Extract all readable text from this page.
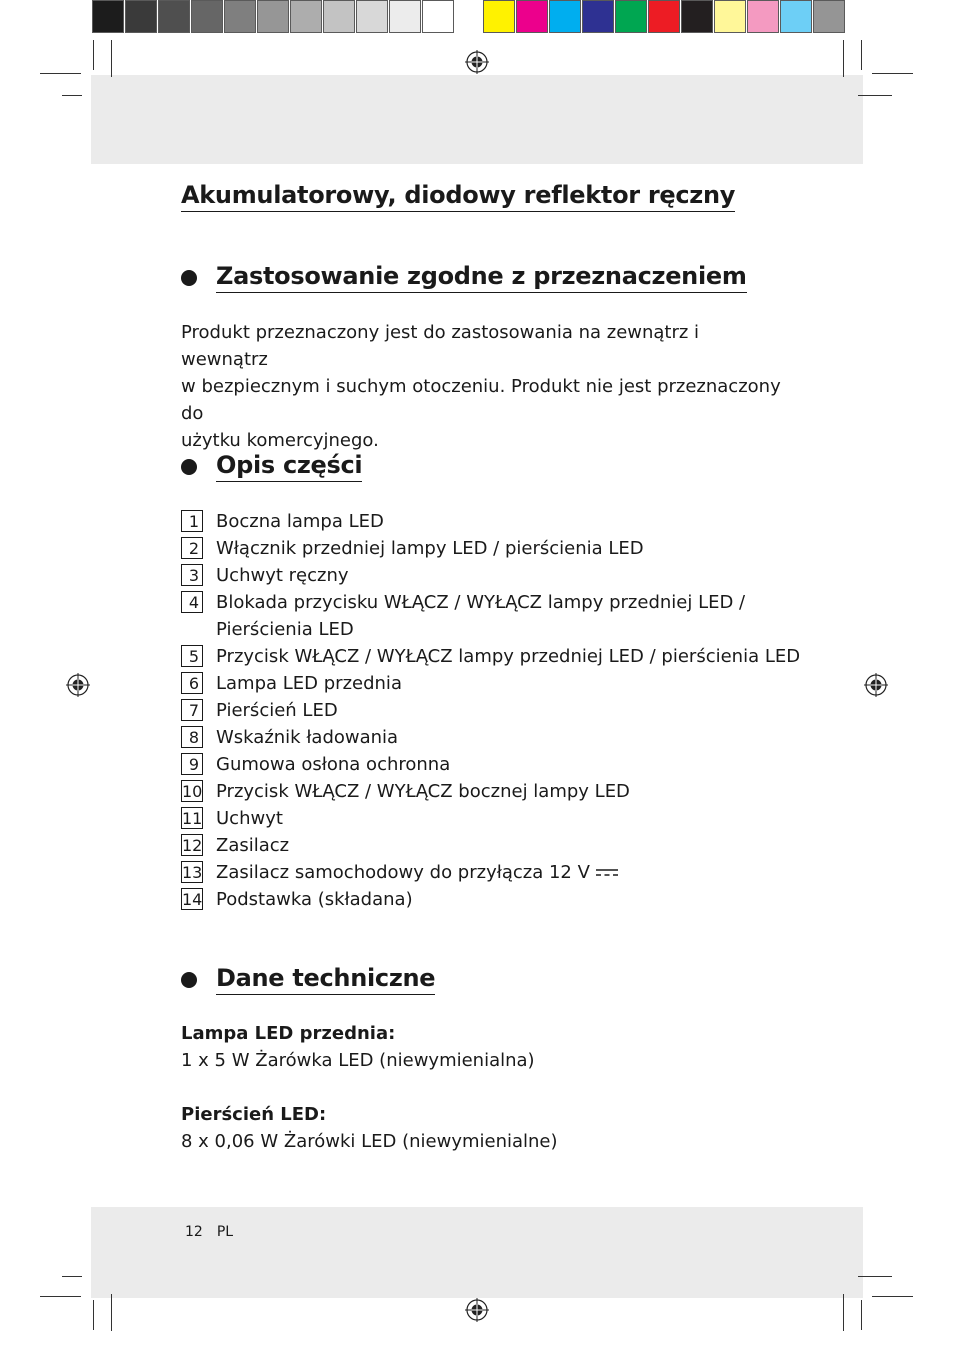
Akumulatorowy, diodowy reflektor ręczny
Zastosowanie zgodne z przeznaczeniem

Produkt przeznaczony jest do zastosowania na zewnątrz i wewnątrz
w bezpiecznym i suchym otoczeniu. Produkt nie jest przeznaczony do
użytku komercyjnego.

Opis części
1 Boczna lampa LED
2 Włącznik przedniej lampy LED / pierścienia LED
3 Uchwyt ręczny
4 Blokada przycisku WŁĄCZ / WYŁĄCZ lampy przedniej LED /
Pierścienia LED
5 Przycisk WŁĄCZ / WYŁĄCZ lampy przedniej LED / pierścienia LED
6 Lampa LED przednia
7 Pierścień LED
8 Wskaźnik ładowania
9 Gumowa osłona ochronna
10 Przycisk WŁĄCZ / WYŁĄCZ bocznej lampy LED
11 Uchwyt
12 Zasilacz
13 Zasilacz samochodowy do przyłącza 12 V
14 Podstawka (składana)
Dane techniczne

Lampa LED przednia:

1 x 5 W Żarówka LED (niewymienialna)

Pierścień LED:

8 x 0,06 W Żarówki LED (niewymienialne)

12 PL
